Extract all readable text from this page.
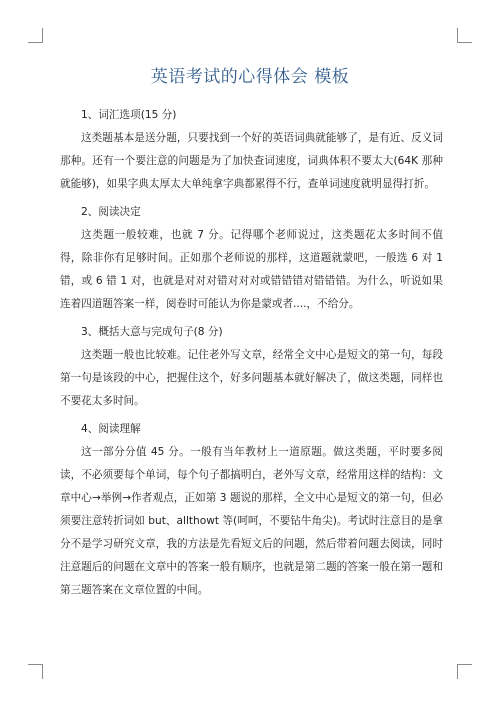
英语考试的心得体会 模板

1、词汇选项(15 分)

这类题基本是送分题，只要找到一个好的英语词典就能够了，是有近、反义词那种。还有一个要注意的问题是为了加快查词速度，词典体积不要太大(64K 那种就能够)，如果字典太厚太大单纯拿字典都累得不行，查单词速度就明显得打折。

2、阅读决定

这类题一般较难，也就 7 分。记得哪个老师说过，这类题花太多时间不值得，除非你有足够时间。正如那个老师说的那样，这道题就蒙吧，一般选 6 对 1 错，或 6 错 1 对，也就是对对对错对对对或错错错对错错错。为什么，听说如果连着四道题答案一样，阅卷时可能认为你是蒙或者....，不给分。

3、概括大意与完成句子(8 分)

这类题一般也比较难。记住老外写文章，经常全文中心是短文的第一句，每段第一句是该段的中心，把握住这个，好多问题基本就好解决了，做这类题，同样也不要花太多时间。

4、阅读理解

这一部分分值 45 分。一般有当年教材上一道原题。做这类题，平时要多阅读，不必须要每个单词，每个句子都搞明白，老外写文章，经常用这样的结构：文章中心→举例→作者观点，正如第 3 题说的那样，全文中心是短文的第一句，但必须要注意转折词如 but、allthowt 等(呵呵，不要钻牛角尖)。考试时注意目的是拿分不是学习研究文章，我的方法是先看短文后的问题，然后带着问题去阅读，同时注意题后的问题在文章中的答案一般有顺序，也就是第二题的答案一般在第一题和第三题答案在文章位置的中间。
